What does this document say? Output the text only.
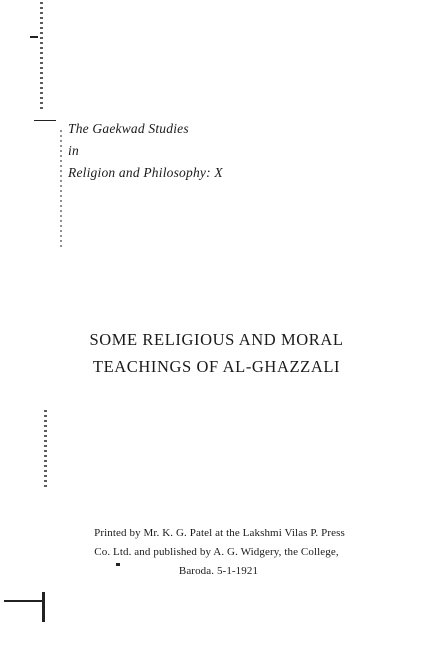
The Gaekwad Studies
in
Religion and Philosophy: X
SOME RELIGIOUS AND MORAL
TEACHINGS OF AL-GHAZZALI
Printed by Mr. K. G. Patel at the Lakshmi Vilas P. Press
Co. Ltd. and published by A. G. Widgery, the College,
Baroda. 5-1-1921
